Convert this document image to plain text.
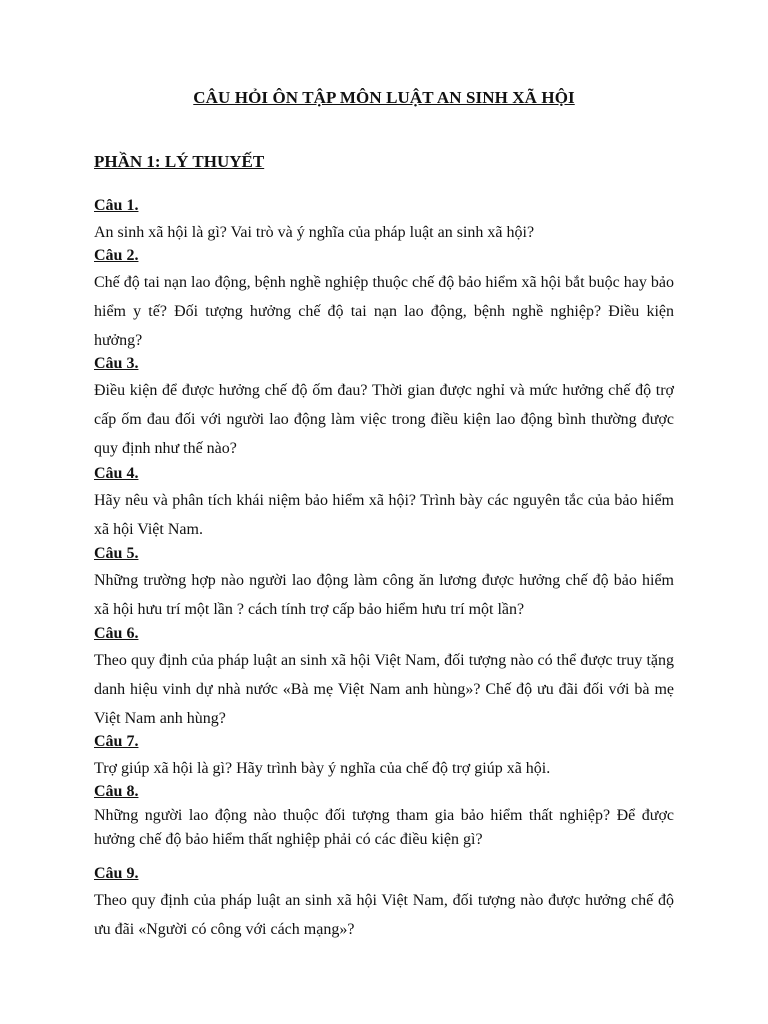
CÂU HỎI ÔN TẬP MÔN LUẬT AN SINH XÃ HỘI
PHẦN 1: LÝ THUYẾT
Câu 1.
An sinh xã hội là gì? Vai trò và ý nghĩa của pháp luật an sinh xã hội?
Câu 2.
Chế độ tai nạn lao động, bệnh nghề nghiệp thuộc chế độ bảo hiểm xã hội bắt buộc hay bảo hiểm y tế? Đối tượng hưởng chế độ tai nạn lao động, bệnh nghề nghiệp? Điều kiện hưởng?
Câu 3.
Điều kiện để được hưởng chế độ ốm đau? Thời gian được nghỉ và mức hưởng chế độ trợ cấp ốm đau đối với người lao động làm việc trong điều kiện lao động bình thường được quy định như thế nào?
Câu 4.
Hãy nêu và phân tích khái niệm bảo hiểm xã hội? Trình bày các nguyên tắc của bảo hiểm xã hội Việt Nam.
Câu 5.
Những trường hợp nào người lao động làm công ăn lương được hưởng chế độ bảo hiểm xã hội hưu trí một lần ? cách tính trợ cấp bảo hiểm hưu trí một lần?
Câu 6.
Theo quy định của pháp luật an sinh xã hội Việt Nam, đối tượng nào có thể được truy tặng danh hiệu vinh dự nhà nước «Bà mẹ Việt Nam anh hùng»? Chế độ ưu đãi đối với bà mẹ Việt Nam anh hùng?
Câu 7.
Trợ giúp xã hội là gì? Hãy trình bày ý nghĩa của chế độ trợ giúp xã hội.
Câu 8.
Những người lao động nào thuộc đối tượng tham gia bảo hiểm thất nghiệp? Để được hưởng chế độ bảo hiểm thất nghiệp phải có các điều kiện gì?
Câu 9.
Theo quy định của pháp luật an sinh xã hội Việt Nam, đối tượng nào được hưởng chế độ ưu đãi «Người có công với cách mạng»?
